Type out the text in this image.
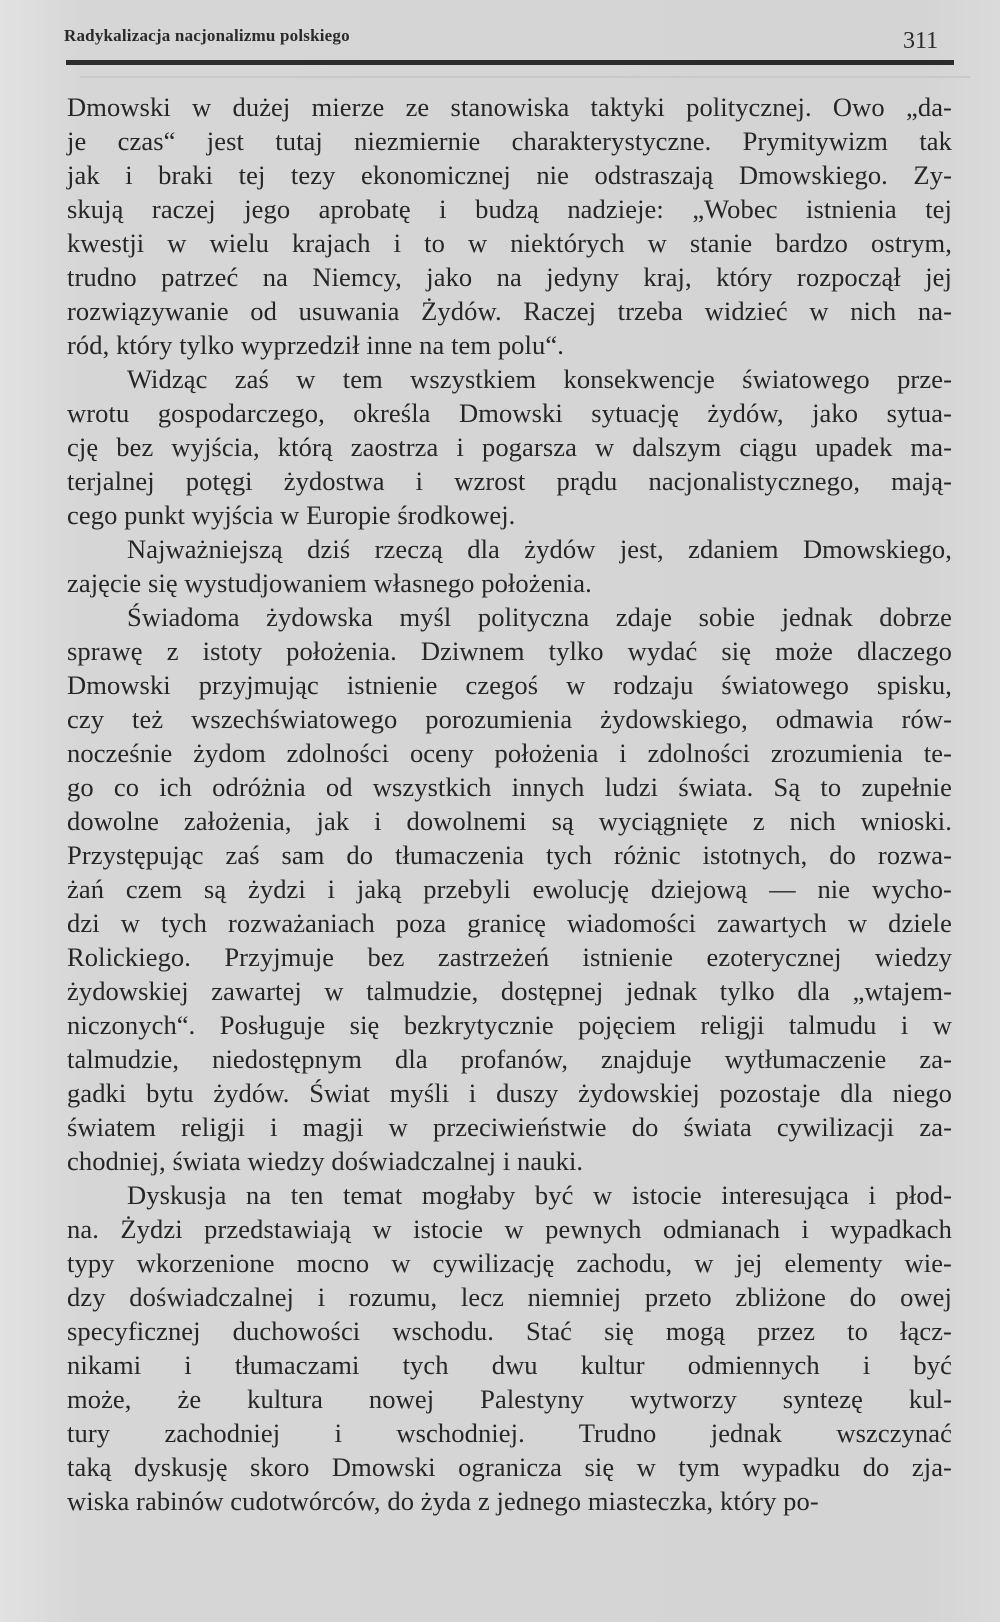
Radykalizacja nacjonalizmu polskiego	311
Dmowski w dużej mierze ze stanowiska taktyki politycznej. Owo „da-
je czas“ jest tutaj niezmiernie charakterystyczne. Prymitywizm tak
jak i braki tej tezy ekonomicznej nie odstraszają Dmowskiego. Zy-
skują raczej jego aprobatę i budzą nadzieje: „Wobec istnienia tej
kwestji w wielu krajach i to w niektórych w stanie bardzo ostrym,
trudno patrzeć na Niemcy, jako na jedyny kraj, który rozpoczął jej
rozwiązywanie od usuwania Żydów. Raczej trzeba widzieć w nich na-
ród, który tylko wyprzedził inne na tem polu“.
Widząc zaś w tem wszystkiem konsekwencje światowego prze-
wrotu gospodarczego, określa Dmowski sytuację żydów, jako sytua-
cję bez wyjścia, którą zaostrza i pogarsza w dalszym ciągu upadek ma-
terjalnej potęgi żydostwa i wzrost prądu nacjonalistycznego, mają-
cego punkt wyjścia w Europie środkowej.
Najważniejszą dziś rzeczą dla żydów jest, zdaniem Dmowskiego,
zajęcie się wystudjowaniem własnego położenia.
Świadoma żydowska myśl polityczna zdaje sobie jednak dobrze
sprawę z istoty położenia. Dziwnem tylko wydać się może dlaczego
Dmowski przyjmując istnienie czegoś w rodzaju światowego spisku,
czy też wszechświatowego porozumienia żydowskiego, odmawia rów-
nocześnie żydom zdolności oceny położenia i zdolności zrozumienia te-
go co ich odróżnia od wszystkich innych ludzi świata. Są to zupełnie
dowolne założenia, jak i dowolnemi są wyciągnięte z nich wnioski.
Przystępując zaś sam do tłumaczenia tych różnic istotnych, do rozwa-
żań czem są żydzi i jaką przebyli ewolucję dziejową — nie wycho-
dzi w tych rozważaniach poza granicę wiadomości zawartych w dziele
Rolickiego. Przyjmuje bez zastrzeżeń istnienie ezoterycznej wiedzy
żydowskiej zawartej w talmudzie, dostępnej jednak tylko dla „wtajem-
niczonych“. Posługuje się bezkrytycznie pojęciem religji talmudu i w
talmudzie, niedostępnym dla profanów, znajduje wytłumaczenie za-
gadki bytu żydów. Świat myśli i duszy żydowskiej pozostaje dla niego
światem religji i magji w przeciwieństwie do świata cywilizacji za-
chodniej, świata wiedzy doświadczalnej i nauki.
Dyskusja na ten temat mogłaby być w istocie interesująca i płod-
na. Żydzi przedstawiają w istocie w pewnych odmianach i wypadkach
typy wkorzenione mocno w cywilizację zachodu, w jej elementy wie-
dzy doświadczalnej i rozumu, lecz niemniej przeto zbliżone do owej
specyficznej duchowości wschodu. Stać się mogą przez to łącz-
nikami i tłumaczami tych dwu kultur odmiennych i być
może, że kultura nowej Palestyny wytworzy syntezę kul-
tury zachodniej i wschodniej. Trudno jednak wszczynać
taką dyskusję skoro Dmowski ogranicza się w tym wypadku do zja-
wiska rabinów cudotwórców, do żyda z jednego miasteczka, który po-
